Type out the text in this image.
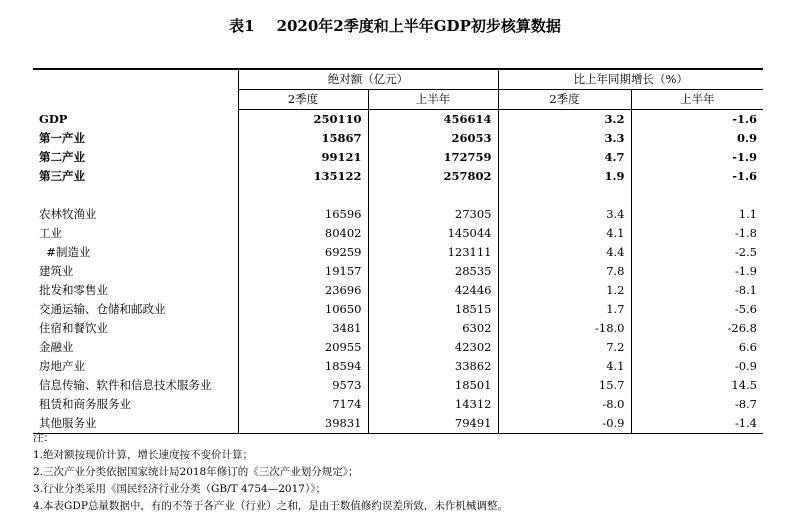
表1 2020年2季度和上半年GDP初步核算数据
	绝对额（亿元）		比上年同期增长（%）	
	2季度	上半年	2季度	上半年
GDP	250110	456614	3.2	-1.6
第一产业	15867	26053	3.3	0.9
第二产业	99121	172759	4.7	-1.9
第三产业	135122	257802	1.9	-1.6

农林牧渔业	16596	27305	3.4	1.1
工业	80402	145044	4.1	-1.8
#制造业	69259	123111	4.4	-2.5
建筑业	19157	28535	7.8	-1.9
批发和零售业	23696	42446	1.2	-8.1
交通运输、仓储和邮政业	10650	18515	1.7	-5.6
住宿和餐饮业	3481	6302	-18.0	-26.8
金融业	20955	42302	7.2	6.6
房地产业	18594	33862	4.1	-0.9
信息传输、软件和信息技术服务业	9573	18501	15.7	14.5
租赁和商务服务业	7174	14312	-8.0	-8.7
其他服务业	39831	79491	-0.9	-1.4
注：
1.绝对额按现价计算，增长速度按不变价计算；
2.三次产业分类依据国家统计局2018年修订的《三次产业划分规定》；
3.行业分类采用《国民经济行业分类（GB/T 4754—2017）》；
4.本表GDP总量数据中，有的不等于各产业（行业）之和，是由于数值修约误差所致，未作机械调整。
